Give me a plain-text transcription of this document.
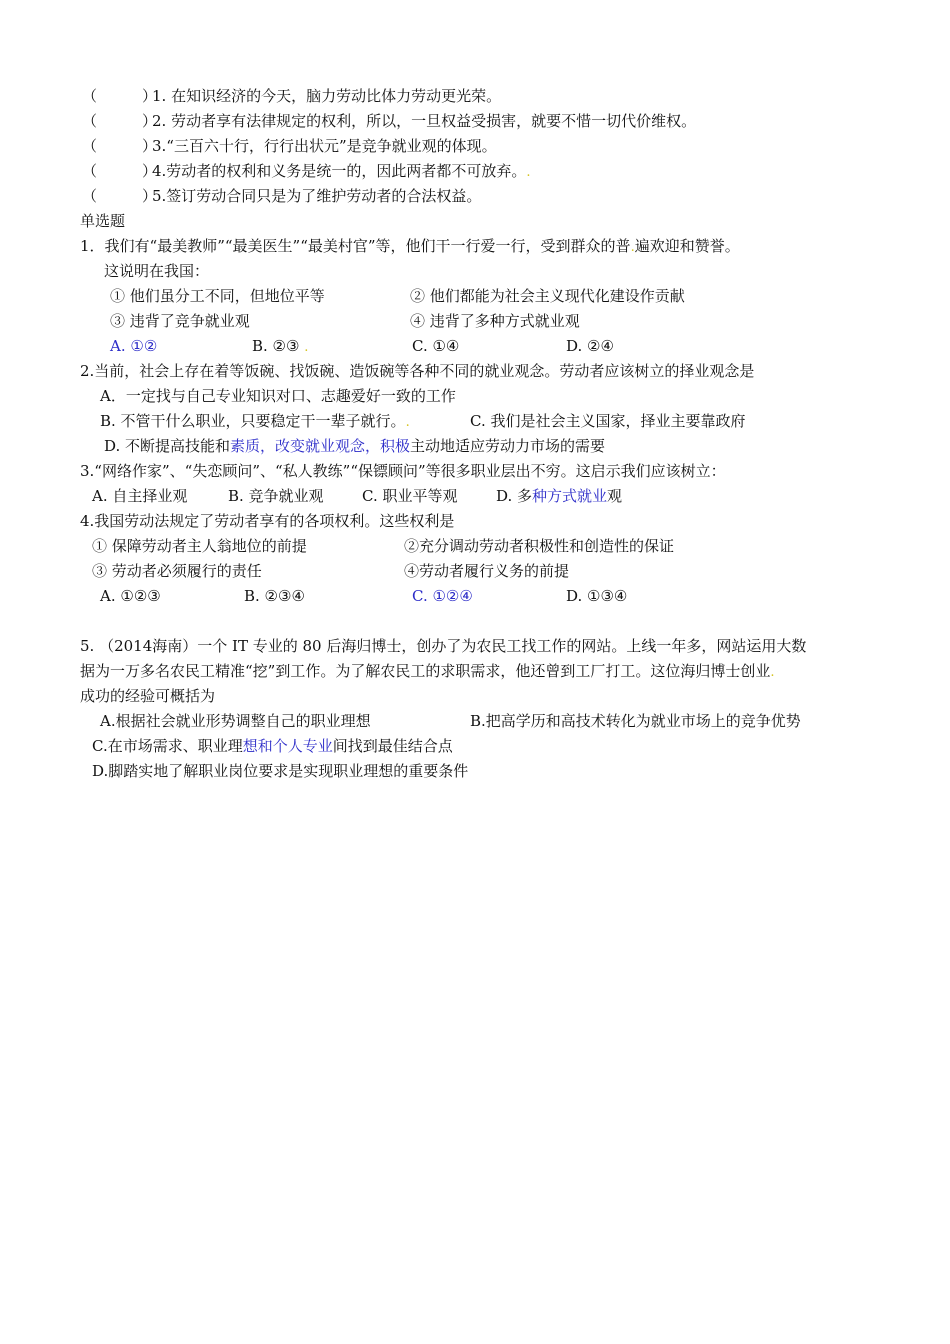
（　　　）1. 在知识经济的今天，脑力劳动比体力劳动更光荣。
（　　　）2. 劳动者享有法律规定的权利，所以，一旦权益受损害，就要不惜一切代价维权。
（　　　）3.“三百六十行，行行出状元”是竞争就业观的体现。
（　　　）4.劳动者的权利和义务是统一的，因此两者都不可放弃。.
（　　　）5.签订劳动合同只是为了维护劳动者的合法权益。
单选题
1．我们有“最美教师”“最美医生”“最美村官”等，他们干一行爱一行，受到群众的普.遍欢迎和赞誉。
这说明在我国：
① 他们虽分工不同，但地位平等	② 他们都能为社会主义现代化建设作贡献
③ 违背了竞争就业观	④ 违背了多种方式就业观
A. ①②	B. ②③ .	C. ①④	D. ②④
2.当前，社会上存在着等饭碗、找饭碗、造饭碗等各种不同的就业观念。劳动者应该树立的择业观念是
A．一定找与自己专业知识对口、志趣爱好一致的工作
B. 不管干什么职业，只要稳定干一辈子就行。.	C. 我们是社会主义国家，择业主要靠政府
D. 不断提高技能和素质，改变就业观念，积极主动地适应劳动力市场的需要
3.“网络作家”、“失恋顾问”、“私人教练”“保镖顾问”等很多职业层出不穷。这启示我们应该树立：
A. 自主择业观	B. 竞争就业观	C. 职业平等观	D. 多种方式就业观
4.我国劳动法规定了劳动者享有的各项权利。这些权利是
① 保障劳动者主人翁地位的前提	②充分调动劳动者积极性和创造性的保证
③ 劳动者必须履行的责任	④劳动者履行义务的前提
A. ①②③	B. ②③④	C. ①②④	D. ①③④
5. （2014海南）一个 IT 专业的 80 后海归博士，创办了为农民工找工作的网站。上线一年多，网站运用大数
据为一万多名农民工精准“挖”到工作。为了解农民工的求职需求，他还曾到工厂打工。这位海归博士创业.
成功的经验可概括为
A.根据社会就业形势调整自己的职业理想	B.把高学历和高技术转化为就业市场上的竞争优势
C.在市场需求、职业理想和个人专业间找到最佳结合点
D.脚踏实地了解职业岗位要求是实现职业理想的重要条件
